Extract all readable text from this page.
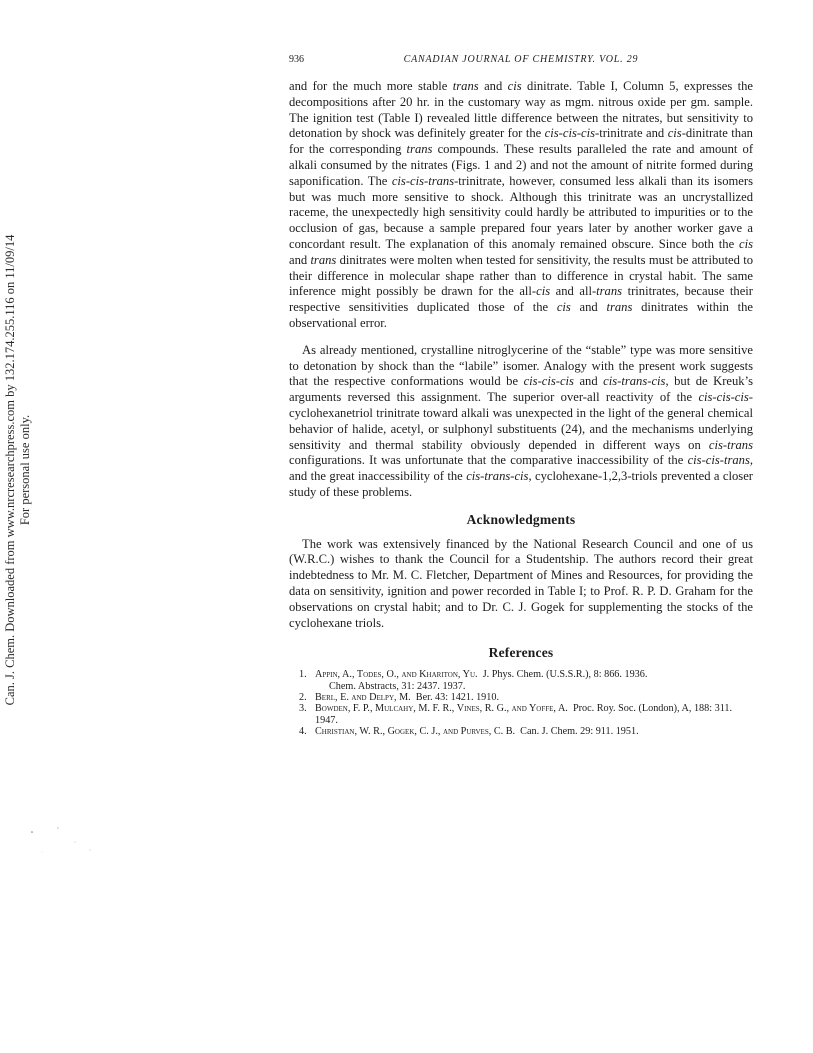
Can. J. Chem. Downloaded from www.nrcresearchpress.com by 132.174.255.116 on 11/09/14 For personal use only.
936	CANADIAN JOURNAL OF CHEMISTRY. VOL. 29

and for the much more stable trans and cis dinitrate. Table I, Column 5, expresses the decompositions after 20 hr. in the customary way as mgm. nitrous oxide per gm. sample. The ignition test (Table I) revealed little difference between the nitrates, but sensitivity to detonation by shock was definitely greater for the cis-cis-cis-trinitrate and cis-dinitrate than for the corresponding trans compounds. These results paralleled the rate and amount of alkali consumed by the nitrates (Figs. 1 and 2) and not the amount of nitrite formed during saponification. The cis-cis-trans-trinitrate, however, consumed less alkali than its isomers but was much more sensitive to shock. Although this trinitrate was an uncrystallized raceme, the unexpectedly high sensitivity could hardly be attributed to impurities or to the occlusion of gas, because a sample prepared four years later by another worker gave a concordant result. The explanation of this anomaly remained obscure. Since both the cis and trans dinitrates were molten when tested for sensitivity, the results must be attributed to their difference in molecular shape rather than to difference in crystal habit. The same inference might possibly be drawn for the all-cis and all-trans trinitrates, because their respective sensitivities duplicated those of the cis and trans dinitrates within the observational error.

As already mentioned, crystalline nitroglycerine of the “stable” type was more sensitive to detonation by shock than the “labile” isomer. Analogy with the present work suggests that the respective conformations would be cis-cis-cis and cis-trans-cis, but de Kreuk’s arguments reversed this assignment. The superior over-all reactivity of the cis-cis-cis-cyclohexanetriol trinitrate toward alkali was unexpected in the light of the general chemical behavior of halide, acetyl, or sulphonyl substituents (24), and the mechanisms underlying sensitivity and thermal stability obviously depended in different ways on cis-trans configurations. It was unfortunate that the comparative inaccessibility of the cis-cis-trans, and the great inaccessibility of the cis-trans-cis, cyclohexane-1,2,3-triols prevented a closer study of these problems.

Acknowledgments

The work was extensively financed by the National Research Council and one of us (W.R.C.) wishes to thank the Council for a Studentship. The authors record their great indebtedness to Mr. M. C. Fletcher, Department of Mines and Resources, for providing the data on sensitivity, ignition and power recorded in Table I; to Prof. R. P. D. Graham for the observations on crystal habit; and to Dr. C. J. Gogek for supplementing the stocks of the cyclohexane triols.

References
1. Appin, A., Todes, O., and Khariton, Yu. J. Phys. Chem. (U.S.S.R.), 8: 866. 1936.
Chem. Abstracts, 31: 2437. 1937.
2. Berl, E. and Delpy, M. Ber. 43: 1421. 1910.
3. Bowden, F. P., Mulcahy, M. F. R., Vines, R. G., and Yoffe, A. Proc. Roy. Soc. (London), A, 188: 311. 1947.
4. Christian, W. R., Gogek, C. J., and Purves, C. B. Can. J. Chem. 29: 911. 1951.
